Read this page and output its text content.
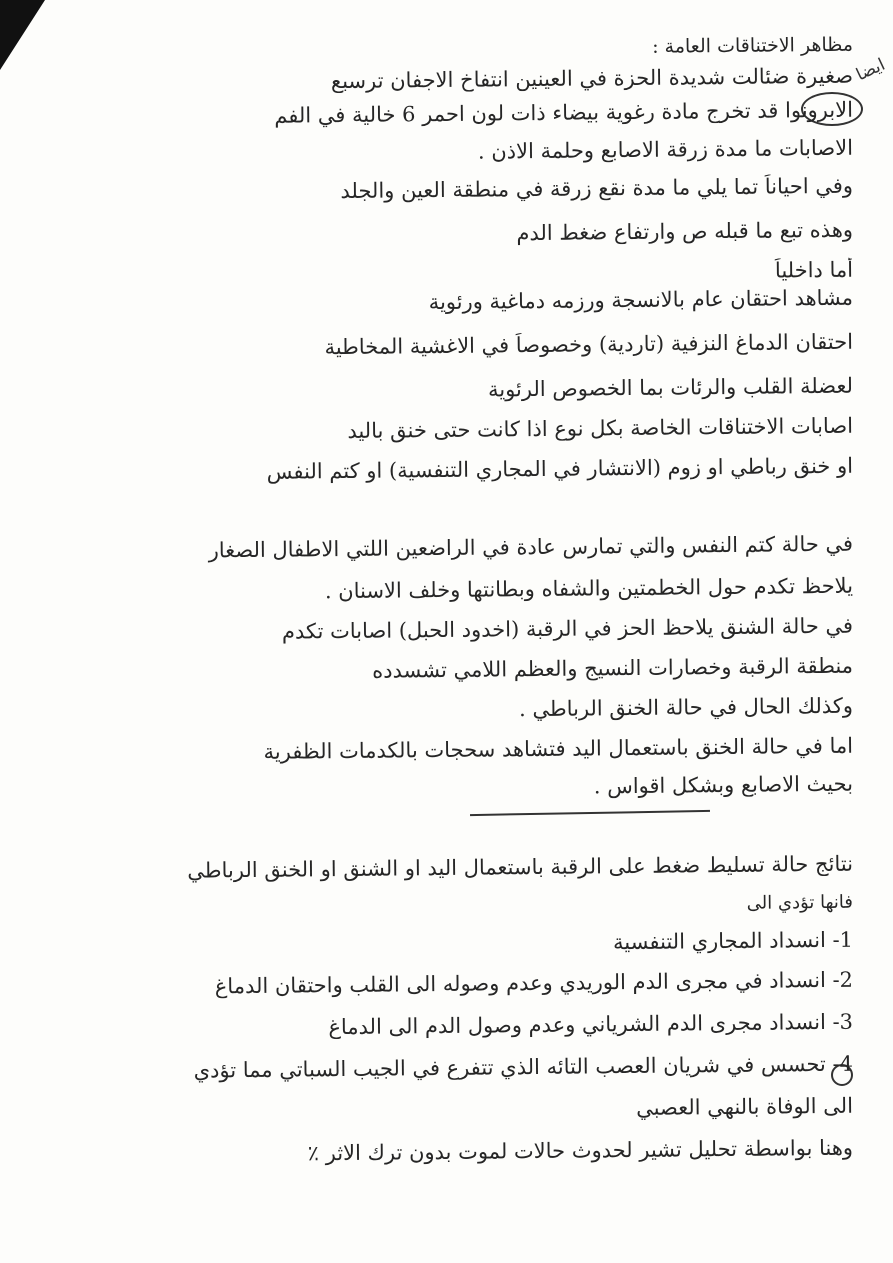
ايضا
مظاهر الاختناقات العامة :
صغيرة ضئالت شديدة الحزة في العينين انتفاخ الاجفان ترسبع
الابرونوا قد تخرج مادة رغوية بيضاء ذات لون احمر 6 خالية في الفم
الاصابات ما مدة زرقة الاصابع وحلمة الاذن .
وفي احياناً تما يلي ما مدة نقع زرقة في منطقة العين والجلد
وهذه تبع ما قبله ص وارتفاع ضغط الدم
أما داخلياً
مشاهد احتقان عام بالانسجة ورزمه دماغية ورئوية
احتقان الدماغ النزفية (تاردية) وخصوصاً في الاغشية المخاطية
لعضلة القلب والرئات بما الخصوص الرئوية
اصابات الاختناقات الخاصة بكل نوع اذا كانت حتى خنق باليد
او خنق رباطي او زوم (الانتشار في المجاري التنفسية) او كتم النفس
في حالة كتم النفس والتي تمارس عادة في الراضعين اللتي الاطفال الصغار
يلاحظ تكدم حول الخطمتين والشفاه وبطانتها وخلف الاسنان .
في حالة الشنق يلاحظ الحز في الرقبة (اخدود الحبل) اصابات تكدم
منطقة الرقبة وخصارات النسيج والعظم اللامي تشسدده
وكذلك الحال في حالة الخنق الرباطي .
اما في حالة الخنق باستعمال اليد فتشاهد سحجات بالكدمات الظفرية
بحيث الاصابع وبشكل اقواس .
نتائج حالة تسليط ضغط على الرقبة باستعمال اليد او الشنق او الخنق الرباطي
فانها تؤدي الى
1- انسداد المجاري التنفسية
2- انسداد في مجرى الدم الوريدي وعدم وصوله الى القلب واحتقان الدماغ
3- انسداد مجرى الدم الشرياني وعدم وصول الدم الى الدماغ
4- تحسس في شريان العصب التائه الذي تتفرع في الجيب السباتي مما تؤدي
الى الوفاة بالنهي العصبي
وهنا بواسطة تحليل تشير لحدوث حالات لموت بدون ترك الاثر ٪
